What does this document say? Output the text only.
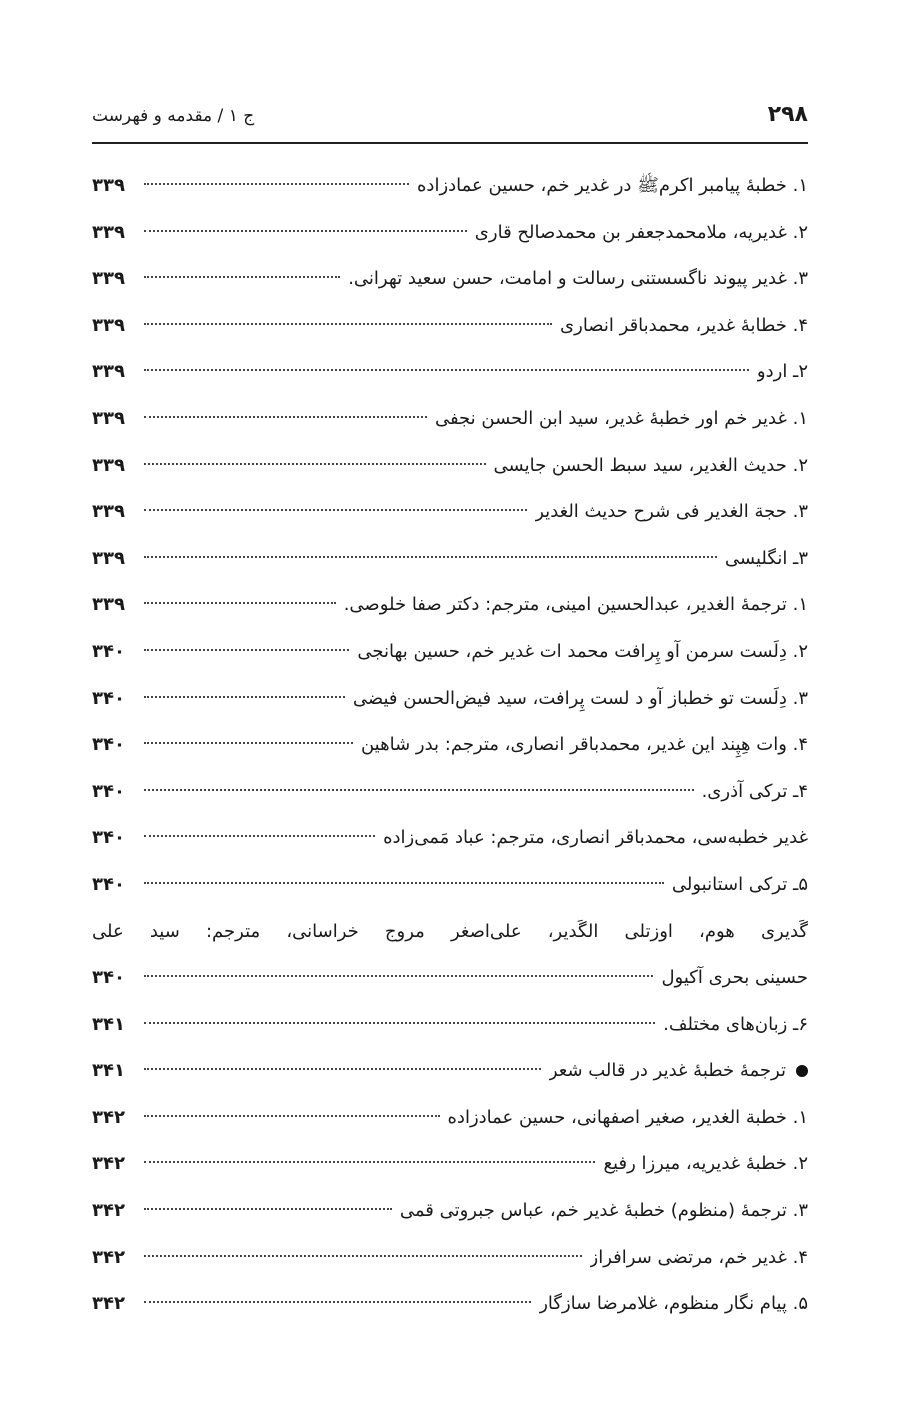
۲۹۸
ج ۱ / مقدمه و فهرست
۱. خطبهٔ پیامبر اکرمﷺ در غدیر خم، حسین عمادزاده
۳۳۹
۲. غدیریه، ملامحمدجعفر بن محمدصالح قاری
۳۳۹
۳. غدیر پیوند ناگسستنی رسالت و امامت، حسن سعید تهرانی.
۳۳۹
۴. خطابهٔ غدیر، محمدباقر انصاری
۳۳۹
۲ـ اردو
۳۳۹
۱. غدیر خم اور خطبهٔ غدیر، سید ابن الحسن نجفی
۳۳۹
۲. حدیث الغدیر، سید سبط الحسن جایسی
۳۳۹
۳. حجة الغدیر فی شرح حدیث الغدیر
۳۳۹
۳ـ انگلیسی
۳۳۹
۱. ترجمهٔ الغدیر، عبدالحسین امینی، مترجم: دکتر صفا خلوصی.
۳۳۹
۲. دِلَست سرمن آو پِرافت محمد ات غدیر خم، حسین بهانجی
۳۴۰
۳. دِلَست تو خطباز آو د لست پِرافت، سید فیض‌الحسن فیضی
۳۴۰
۴. وات هِپِند این غدیر، محمدباقر انصاری، مترجم: بدر شاهین
۳۴۰
۴ـ ترکی آذری.
۳۴۰
غدیر خطبه‌سی، محمدباقر انصاری، مترجم: عباد مَمی‌زاده
۳۴۰
۵ـ ترکی استانبولی
۳۴۰
گَدیری هوم، اوزتلی الگَدیر، علی‌اصغر مروج خراسانی، مترجم: سید علی
حسینی بحری آکیول
۳۴۰
۶ـ زبان‌های مختلف.
۳۴۱
ترجمهٔ خطبهٔ غدیر در قالب شعر
۳۴۱
۱. خطبة الغدیر، صغیر اصفهانی، حسین عمادزاده
۳۴۲
۲. خطبهٔ غدیریه، میرزا رفیع
۳۴۲
۳. ترجمهٔ (منظوم) خطبهٔ غدیر خم، عباس جبروتی قمی
۳۴۲
۴. غدیر خم، مرتضی سرافراز
۳۴۲
۵. پیام نگار منظوم، غلامرضا سازگار
۳۴۲
